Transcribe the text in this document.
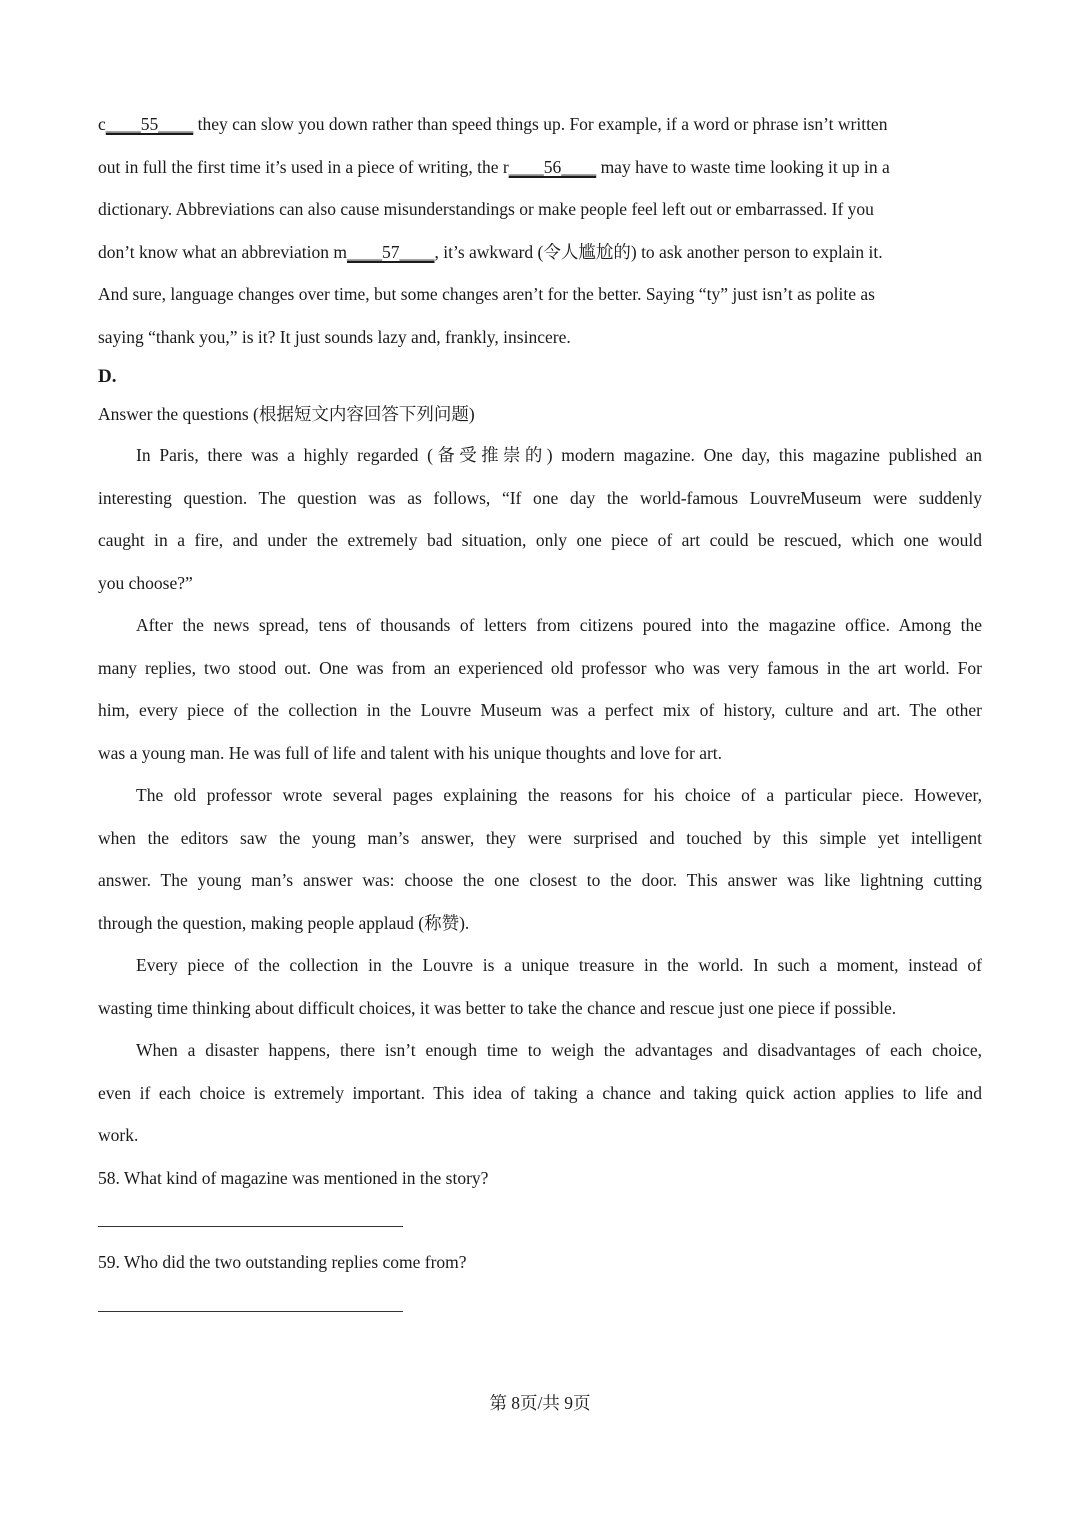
c____55____ they can slow you down rather than speed things up. For example, if a word or phrase isn’t written
out in full the first time it’s used in a piece of writing, the r____56____ may have to waste time looking it up in a
dictionary. Abbreviations can also cause misunderstandings or make people feel left out or embarrassed. If you
don’t know what an abbreviation m____57____, it’s awkward (令人尴尬的) to ask another person to explain it.
And sure, language changes over time, but some changes aren’t for the better. Saying “ty” just isn’t as polite as
saying “thank you,” is it? It just sounds lazy and, frankly, insincere.
D.
Answer the questions (根据短文内容回答下列问题)
In Paris, there was a highly regarded (备受推崇的) modern magazine. One day, this magazine published an
interesting question. The question was as follows, “If one day the world-famous LouvreMuseum were suddenly
caught in a fire, and under the extremely bad situation, only one piece of art could be rescued, which one would
you choose?”
After the news spread, tens of thousands of letters from citizens poured into the magazine office. Among the
many replies, two stood out. One was from an experienced old professor who was very famous in the art world. For
him, every piece of the collection in the Louvre Museum was a perfect mix of history, culture and art. The other
was a young man. He was full of life and talent with his unique thoughts and love for art.
The old professor wrote several pages explaining the reasons for his choice of a particular piece. However,
when the editors saw the young man’s answer, they were surprised and touched by this simple yet intelligent
answer. The young man’s answer was: choose the one closest to the door. This answer was like lightning cutting
through the question, making people applaud (称赞).
Every piece of the collection in the Louvre is a unique treasure in the world. In such a moment, instead of
wasting time thinking about difficult choices, it was better to take the chance and rescue just one piece if possible.
When a disaster happens, there isn’t enough time to weigh the advantages and disadvantages of each choice,
even if each choice is extremely important. This idea of taking a chance and taking quick action applies to life and
work.
58. What kind of magazine was mentioned in the story?
59. Who did the two outstanding replies come from?
第 8页/共 9页
